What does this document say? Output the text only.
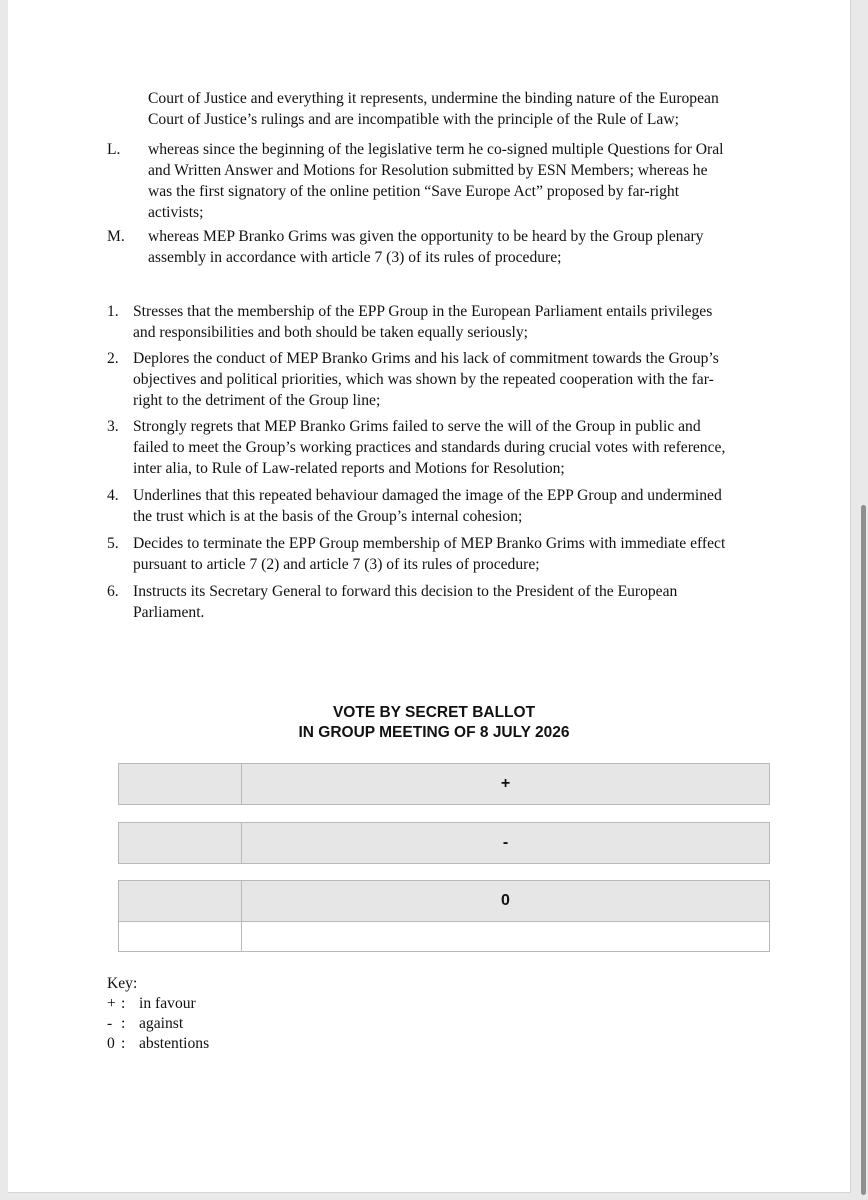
Court of Justice and everything it represents, undermine the binding nature of the European
Court of Justice’s rulings and are incompatible with the principle of the Rule of Law;
L. whereas since the beginning of the legislative term he co-signed multiple Questions for Oral
and Written Answer and Motions for Resolution submitted by ESN Members; whereas he
was the first signatory of the online petition “Save Europe Act” proposed by far-right
activists;
M. whereas MEP Branko Grims was given the opportunity to be heard by the Group plenary
assembly in accordance with article 7 (3) of its rules of procedure;
1. Stresses that the membership of the EPP Group in the European Parliament entails privileges
and responsibilities and both should be taken equally seriously;
2. Deplores the conduct of MEP Branko Grims and his lack of commitment towards the Group’s
objectives and political priorities, which was shown by the repeated cooperation with the far-
right to the detriment of the Group line;
3. Strongly regrets that MEP Branko Grims failed to serve the will of the Group in public and
failed to meet the Group’s working practices and standards during crucial votes with reference,
inter alia, to Rule of Law-related reports and Motions for Resolution;
4. Underlines that this repeated behaviour damaged the image of the EPP Group and undermined
the trust which is at the basis of the Group’s internal cohesion;
5. Decides to terminate the EPP Group membership of MEP Branko Grims with immediate effect
pursuant to article 7 (2) and article 7 (3) of its rules of procedure;
6. Instructs its Secretary General to forward this decision to the President of the European
Parliament.
VOTE BY SECRET BALLOT
IN GROUP MEETING OF 8 JULY 2026
+
-
0
Key:
+ : in favour
- : against
0 : abstentions
